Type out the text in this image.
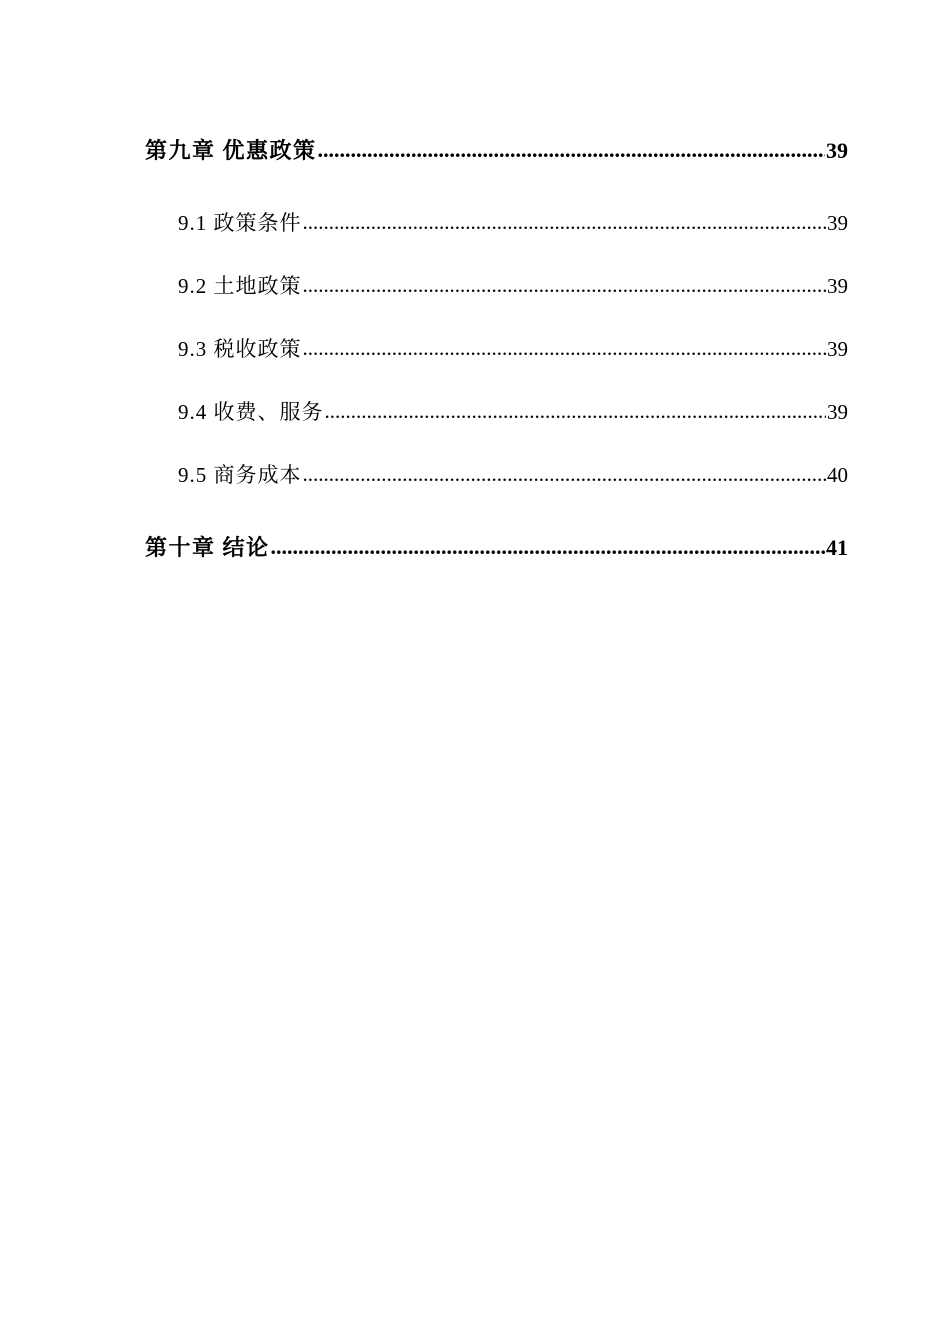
第九章 优惠政策 .....	39
9.1 政策条件 .....	39
9.2 土地政策 .....	39
9.3 税收政策 .....	39
9.4 收费、服务 .....	39
9.5 商务成本 .....	40
第十章 结论 .....	41
